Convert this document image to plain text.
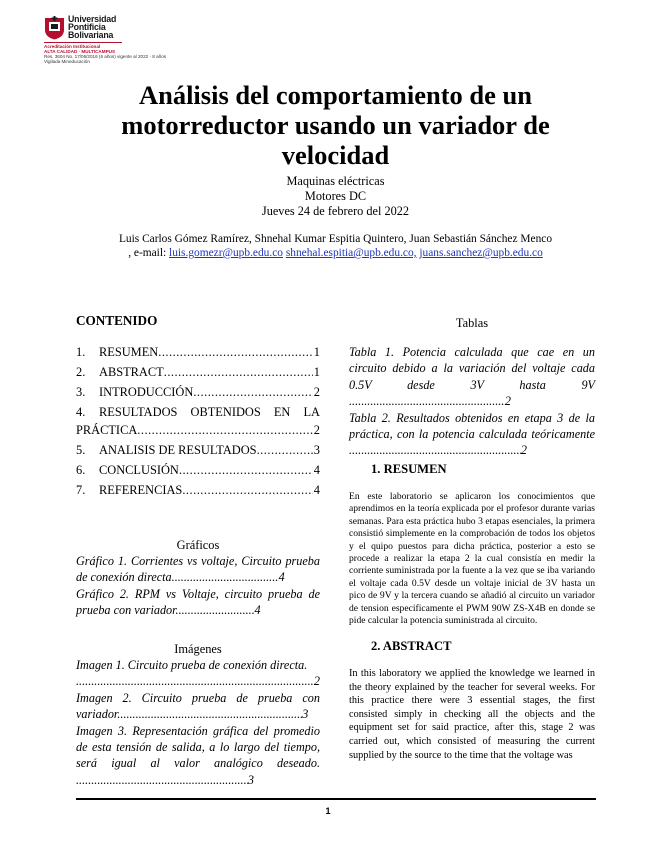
Universidad
Pontificia
Bolivariana
Acreditación Institucional
ALTA CALIDAD · MULTICAMPUS
Res. 3604 No. 17/06/2016 (6 años) vigente al 2022 · 8 años
Vigilada Mineducación
Análisis del comportamiento de un motorreductor usando un variador de velocidad
Maquinas eléctricas
Motores DC
Jueves 24 de febrero del 2022
Luis Carlos Gómez Ramírez, Shnehal Kumar Espitia Quintero, Juan Sebastián Sánchez Menco
, e-mail: luis.gomezr@upb.edu.co shnehal.espitia@upb.edu.co, juans.sanchez@upb.edu.co
CONTENIDO
1.	RESUMEN .....	1
2.	ABSTRACT .....	1
3.	INTRODUCCIÓN .....	2
4.	RESULTADOS OBTENIDOS EN LA
PRÁCTICA .....	2
5.	ANALISIS DE RESULTADOS .....	3
6.	CONCLUSIÓN .....	4
7.	REFERENCIAS .....	4
Gráficos
Gráfico 1. Corrientes vs voltaje, Circuito prueba de conexión directa. .....	4
Gráfico 2. RPM vs Voltaje, circuito prueba de prueba con variador. .....	4
Imágenes
Imagen 1. Circuito prueba de conexión directa.
.....
2
Imagen 2. Circuito prueba de prueba con variador. .....	3
Imagen 3. Representación gráfica del promedio de esta tensión de salida, a lo largo del tiempo, será igual al valor analógico deseado.
.....
3
Tablas
Tabla 1. Potencia calculada que cae en un circuito debido a la variación del voltaje cada 0.5V desde 3V hasta 9V
.....
2
Tabla 2. Resultados obtenidos en etapa 3 de la práctica, con la potencia calculada teóricamente
.....
2
1. RESUMEN
En este laboratorio se aplicaron los conocimientos que aprendimos en la teoría explicada por el profesor durante varias semanas. Para esta práctica hubo 3 etapas esenciales, la primera consistió simplemente en la comprobación de todos los objetos y el quipo puestos para dicha práctica, posterior a esto se procede a realizar la etapa 2 la cual consistía en medir la corriente suministrada por la fuente a la vez que se iba variando el voltaje cada 0.5V desde un voltaje inicial de 3V hasta un pico de 9V y la tercera cuando se añadió al circuito un variador de tension especificamente el PWM 90W ZS-X4B en donde se pide calcular la potencia suministrada al circuito.
2. ABSTRACT
In this laboratory we applied the knowledge we learned in the theory explained by the teacher for several weeks. For this practice there were 3 essential stages, the first consisted simply in checking all the objects and the equipment set for said practice, after this, stage 2 was carried out, which consisted of measuring the current supplied by the source to the time that the voltage was
1
